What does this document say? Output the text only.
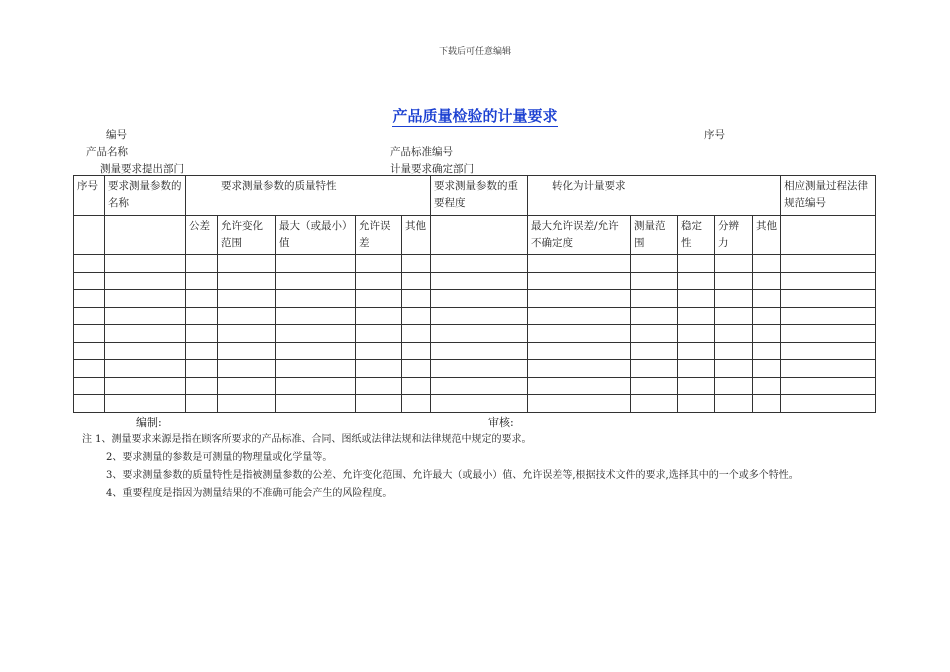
下载后可任意编辑
产品质量检验的计量要求
编号	序号
产品名称	产品标准编号
测量要求提出部门	计量要求确定部门
序号	要求测量参数的名称	要求测量参数的质量特性					要求测量参数的重要程度	转化为计量要求					相应测量过程法律规范编号
		公差	允许变化范围	最大（或最小）值	允许误差	其他		最大允许误差/允许不确定度	测量范围	稳定性	分辨力	其他	

编制:	审核:

注 1、测量要求来源是指在顾客所要求的产品标准、合同、图纸或法律法规和法律规范中规定的要求。

2、要求测量的参数是可测量的物理量或化学量等。

3、要求测量参数的质量特性是指被测量参数的公差、允许变化范围、允许最大（或最小）值、允许误差等,根据技术文件的要求,选择其中的一个或多个特性。

4、重要程度是指因为测量结果的不准确可能会产生的风险程度。
